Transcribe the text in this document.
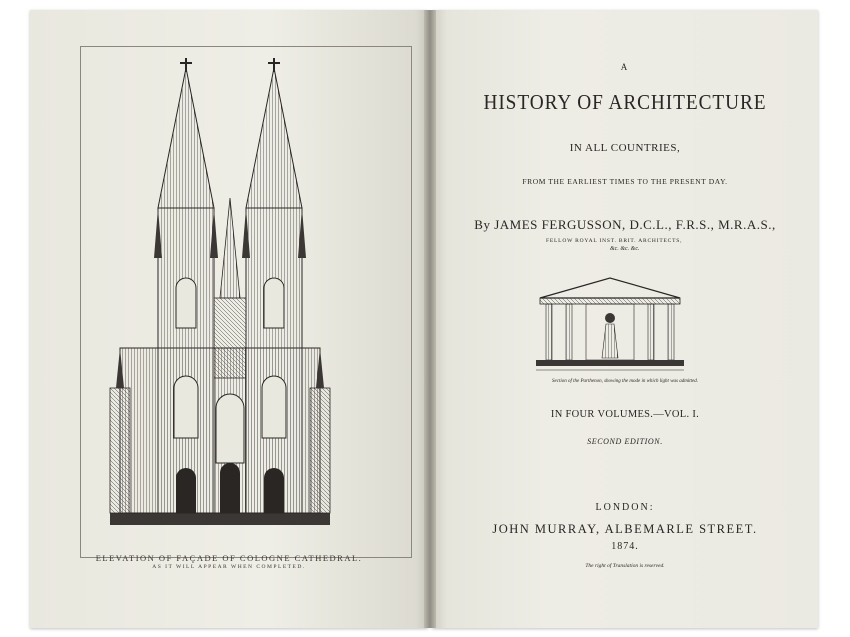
ELEVATION OF FAÇADE OF COLOGNE CATHEDRAL.
AS IT WILL APPEAR WHEN COMPLETED.
A
HISTORY OF ARCHITECTURE
IN ALL COUNTRIES,
FROM THE EARLIEST TIMES TO THE PRESENT DAY.
By JAMES FERGUSSON, D.C.L., F.R.S., M.R.A.S.,
FELLOW ROYAL INST. BRIT. ARCHITECTS,
&c. &c. &c.
Section of the Parthenon, showing the mode in which light was admitted.
IN FOUR VOLUMES.—VOL. I.
SECOND EDITION.
LONDON:
JOHN MURRAY, ALBEMARLE STREET.
1874.
The right of Translation is reserved.
